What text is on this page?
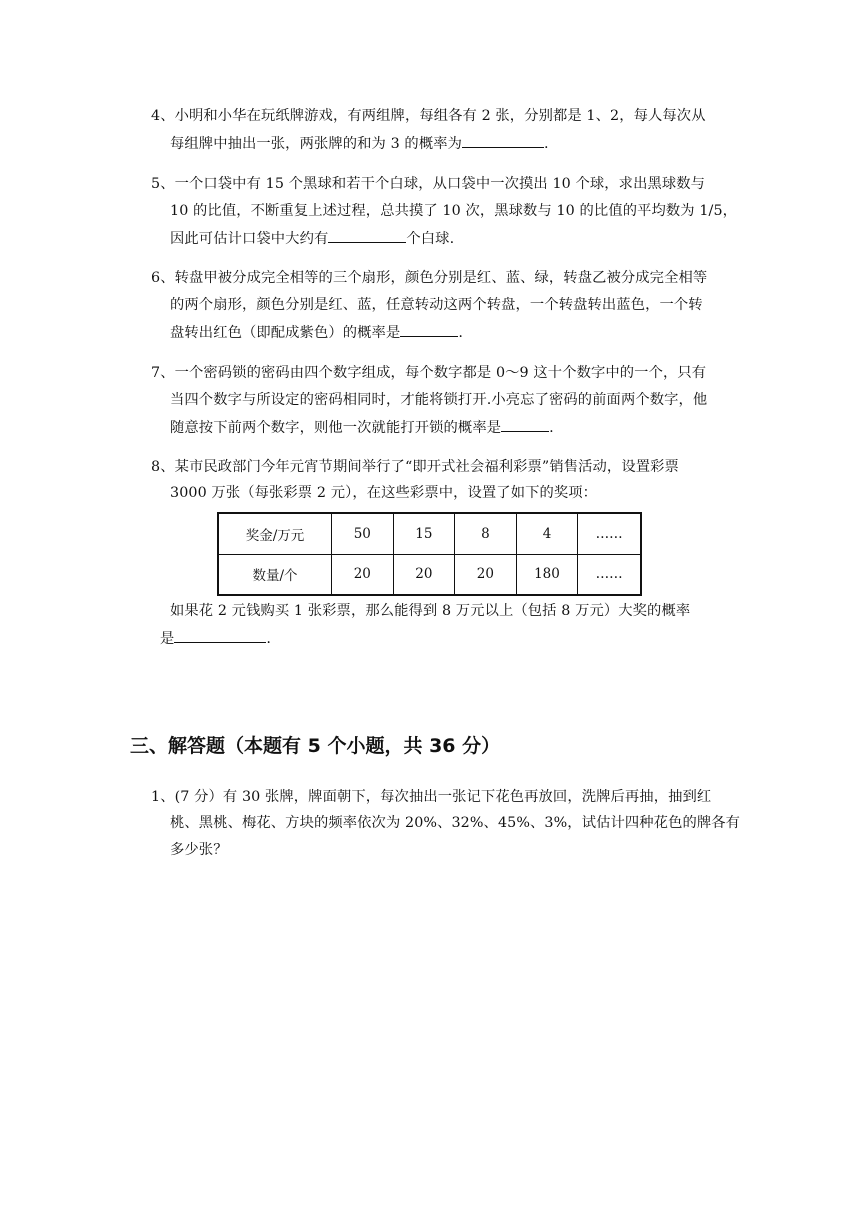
4、小明和小华在玩纸牌游戏，有两组牌，每组各有 2 张，分别都是 1、2，每人每次从
每组牌中抽出一张，两张牌的和为 3 的概率为	.
5、一个口袋中有 15 个黑球和若干个白球，从口袋中一次摸出 10 个球，求出黑球数与
10 的比值，不断重复上述过程，总共摸了 10 次，黑球数与 10 的比值的平均数为 1/5，
因此可估计口袋中大约有	个白球.
6、转盘甲被分成完全相等的三个扇形，颜色分别是红、蓝、绿，转盘乙被分成完全相等
的两个扇形，颜色分别是红、蓝，任意转动这两个转盘，一个转盘转出蓝色，一个转
盘转出红色（即配成紫色）的概率是	.
7、一个密码锁的密码由四个数字组成，每个数字都是 0～9 这十个数字中的一个，只有
当四个数字与所设定的密码相同时，才能将锁打开.小亮忘了密码的前面两个数字，他
随意按下前两个数字，则他一次就能打开锁的概率是	.
8、某市民政部门今年元宵节期间举行了“即开式社会福利彩票”销售活动，设置彩票
3000 万张（每张彩票 2 元），在这些彩票中，设置了如下的奖项：
奖金/万元	50	15	8	4	……
数量/个	20	20	20	180	……
如果花 2 元钱购买 1 张彩票，那么能得到 8 万元以上（包括 8 万元）大奖的概率
是	.
三、解答题（本题有 5 个小题，共 36 分）
1、(7 分）有 30 张牌，牌面朝下，每次抽出一张记下花色再放回，洗牌后再抽，抽到红
桃、黑桃、梅花、方块的频率依次为 20%、32%、45%、3%，试估计四种花色的牌各有
多少张？
